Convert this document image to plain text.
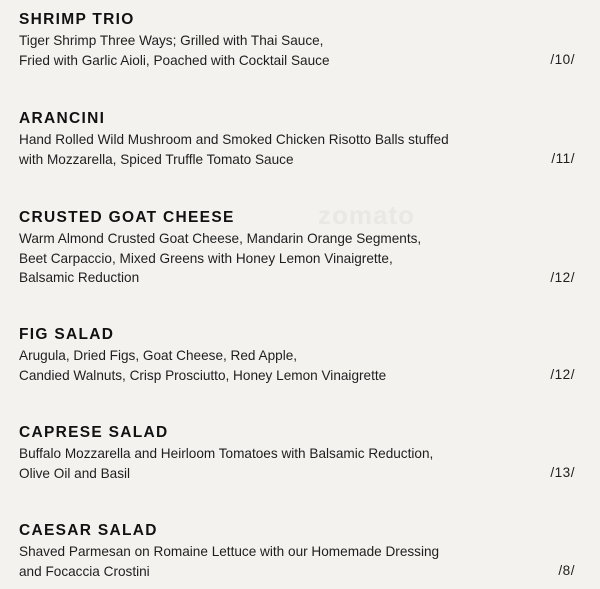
zomato
SHRIMP TRIO
Tiger Shrimp Three Ways; Grilled with Thai Sauce,
Fried with Garlic Aioli, Poached with Cocktail Sauce	/10/
ARANCINI
Hand Rolled Wild Mushroom and Smoked Chicken Risotto Balls stuffed
with Mozzarella, Spiced Truffle Tomato Sauce	/11/
CRUSTED GOAT CHEESE
Warm Almond Crusted Goat Cheese, Mandarin Orange Segments,
Beet Carpaccio, Mixed Greens with Honey Lemon Vinaigrette,
Balsamic Reduction	/12/
FIG SALAD
Arugula, Dried Figs, Goat Cheese, Red Apple,
Candied Walnuts, Crisp Prosciutto, Honey Lemon Vinaigrette	/12/
CAPRESE SALAD
Buffalo Mozzarella and Heirloom Tomatoes with Balsamic Reduction,
Olive Oil and Basil	/13/
CAESAR SALAD
Shaved Parmesan on Romaine Lettuce with our Homemade Dressing
and Focaccia Crostini	/8/
